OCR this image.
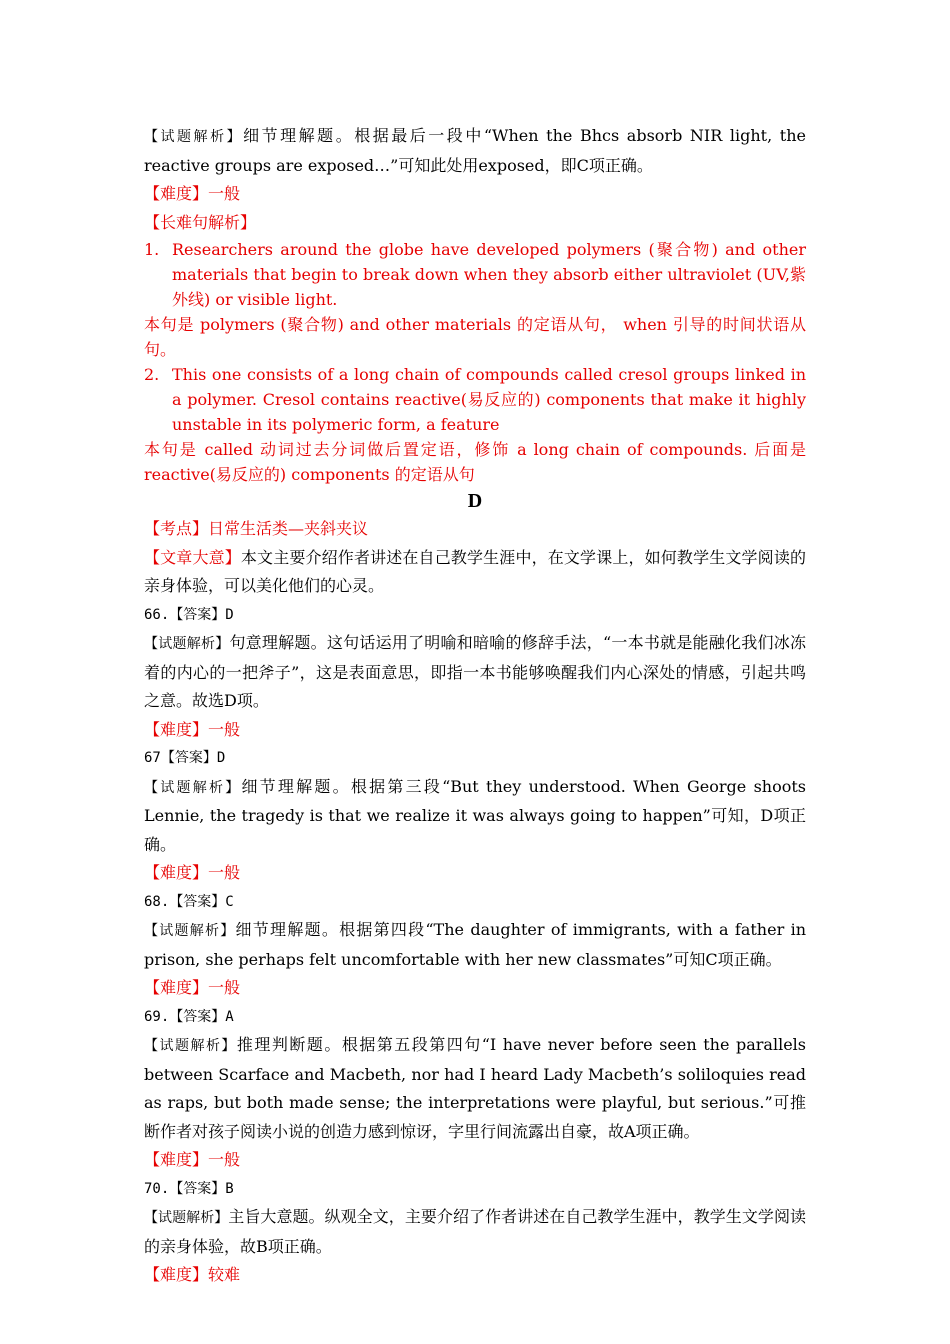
【试题解析】细节理解题。根据最后一段中“When the Bhcs absorb NIR light, the reactive groups are exposed…”可知此处用exposed，即C项正确。
【难度】一般
【长难句解析】
1. Researchers around the globe have developed polymers (聚合物) and other materials that begin to break down when they absorb either ultraviolet (UV,紫外线) or visible light.
本句是 polymers (聚合物) and other materials 的定语从句， when 引导的时间状语从句。
2. This one consists of a long chain of compounds called cresol groups linked in a polymer. Cresol contains reactive(易反应的) components that make it highly unstable in its polymeric form, a feature
本句是 called 动词过去分词做后置定语，修饰 a long chain of compounds. 后面是 reactive(易反应的) components 的定语从句
D
【考点】日常生活类—夹斜夹议
【文章大意】本文主要介绍作者讲述在自己教学生涯中，在文学课上，如何教学生文学阅读的亲身体验，可以美化他们的心灵。
66.【答案】D
【试题解析】句意理解题。这句话运用了明喻和暗喻的修辞手法，“一本书就是能融化我们冰冻着的内心的一把斧子”，这是表面意思，即指一本书能够唤醒我们内心深处的情感，引起共鸣之意。故选D项。
【难度】一般
67【答案】D
【试题解析】细节理解题。根据第三段“But they understood. When George shoots Lennie, the tragedy is that we realize it was always going to happen”可知，D项正确。
【难度】一般
68.【答案】C
【试题解析】细节理解题。根据第四段“The daughter of immigrants, with a father in prison, she perhaps felt uncomfortable with her new classmates”可知C项正确。
【难度】一般
69.【答案】A
【试题解析】推理判断题。根据第五段第四句“I have never before seen the parallels between Scarface and Macbeth, nor had I heard Lady Macbeth’s soliloquies read as raps, but both made sense; the interpretations were playful, but serious.”可推断作者对孩子阅读小说的创造力感到惊讶，字里行间流露出自豪，故A项正确。
【难度】一般
70.【答案】B
【试题解析】主旨大意题。纵观全文，主要介绍了作者讲述在自己教学生涯中，教学生文学阅读的亲身体验，故B项正确。
【难度】较难
